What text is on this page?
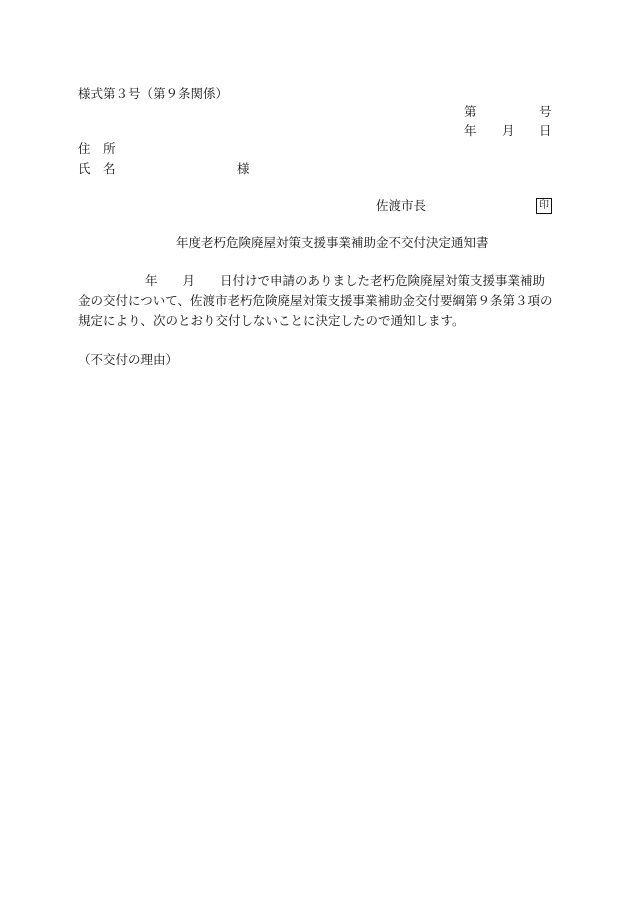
様式第３号（第９条関係）
第	号
年 月 日
住　所
氏　名	様
佐渡市長	印
年度老朽危険廃屋対策支援事業補助金不交付決定通知書
年 月 日付けで申請のありました老朽危険廃屋対策支援事業補助
金の交付について、佐渡市老朽危険廃屋対策支援事業補助金交付要綱第９条第３項の
規定により、次のとおり交付しないことに決定したので通知します。
（不交付の理由）
